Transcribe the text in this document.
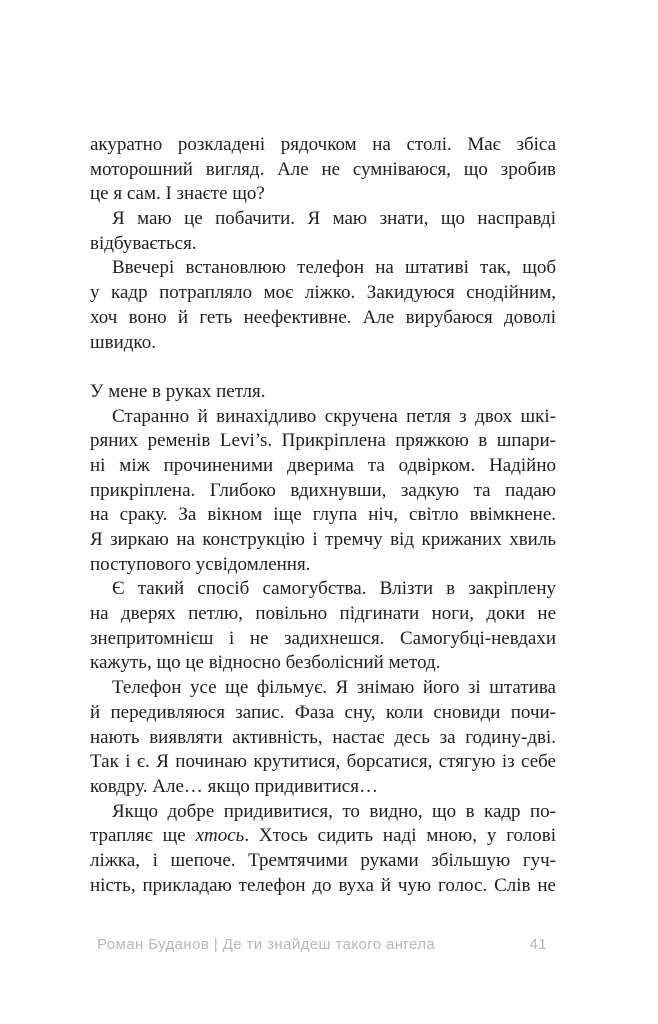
акуратно розкладені рядочком на столі. Має збіса
моторошний вигляд. Але не сумніваюся, що зробив
це я сам. І знаєте що?
Я маю це побачити. Я маю знати, що насправді
відбувається.
Ввечері встановлюю телефон на штативі так, щоб
у кадр потрапляло моє ліжко. Закидуюся снодійним,
хоч воно й геть неефективне. Але вирубаюся доволі
швидко.
У мене в руках петля.
Старанно й винахідливо скручена петля з двох шкі-
ряних ременів Levi’s. Прикріплена пряжкою в шпари-
ні між прочиненими дверима та одвірком. Надійно
прикріплена. Глибоко вдихнувши, задкую та падаю
на сраку. За вікном іще глупа ніч, світло ввімкнене.
Я зиркаю на конструкцію і тремчу від крижаних хвиль
поступового усвідомлення.
Є такий спосіб самогубства. Влізти в закріплену
на дверях петлю, повільно підгинати ноги, доки не
знепритомнієш і не задихнешся. Самогубці-невдахи
кажуть, що це відносно безболісний метод.
Телефон усе ще фільмує. Я знімаю його зі штатива
й передивляюся запис. Фаза сну, коли сновиди почи-
нають виявляти активність, настає десь за годину-дві.
Так і є. Я починаю крутитися, борсатися, стягую із себе
ковдру. Але… якщо придивитися…
Якщо добре придивитися, то видно, що в кадр по-
трапляє ще хтось. Хтось сидить наді мною, у голові
ліжка, і шепоче. Тремтячими руками збільшую гуч-
ність, прикладаю телефон до вуха й чую голос. Слів не
Роман Буданов | Де ти знайдеш такого ангела	41
